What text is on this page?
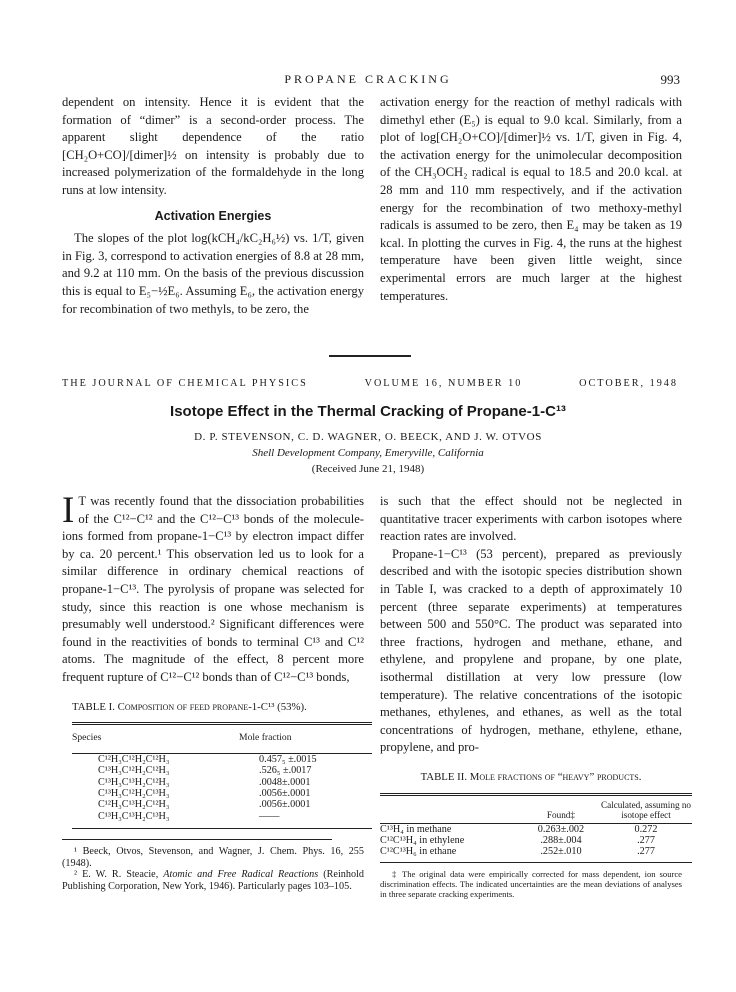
PROPANE CRACKING	993

dependent on intensity. Hence it is evident that the formation of “dimer” is a second-order process. The apparent slight dependence of the ratio [CH₂O+CO]/[dimer]½ on intensity is probably due to increased polymerization of the formaldehyde in the long runs at low intensity.

Activation Energies

The slopes of the plot log(kCH₄/kC₂H₆½) vs. 1/T, given in Fig. 3, correspond to activation energies of 8.8 at 28 mm, and 9.2 at 110 mm. On the basis of the previous discussion this is equal to E₅−½E₆. Assuming E₆, the activation energy for recombination of two methyls, to be zero, the

activation energy for the reaction of methyl radicals with dimethyl ether (E₅) is equal to 9.0 kcal. Similarly, from a plot of log[CH₂O+CO]/[dimer]½ vs. 1/T, given in Fig. 4, the activation energy for the unimolecular decomposition of the CH₃OCH₂ radical is equal to 18.5 and 20.0 kcal. at 28 mm and 110 mm respectively, and if the activation energy for the recombination of two methoxy-methyl radicals is assumed to be zero, then E₄ may be taken as 19 kcal. In plotting the curves in Fig. 4, the runs at the highest temperature have been given little weight, since experimental errors are much larger at the highest temperatures.

THE JOURNAL OF CHEMICAL PHYSICS	VOLUME 16, NUMBER 10	OCTOBER, 1948
Isotope Effect in the Thermal Cracking of Propane-1-C¹³
D. P. STEVENSON, C. D. WAGNER, O. BEECK, AND J. W. OTVOS
Shell Development Company, Emeryville, California
(Received June 21, 1948)

I T was recently found that the dissociation probabilities of the C¹²−C¹² and the C¹²−C¹³ bonds of the molecule-ions formed from propane-1−C¹³ by electron impact differ by ca. 20 percent.¹ This observation led us to look for a similar difference in ordinary chemical reactions of propane-1−C¹³. The pyrolysis of propane was selected for study, since this reaction is one whose mechanism is presumably well understood.² Significant differences were found in the reactivities of bonds to terminal C¹³ and C¹² atoms. The magnitude of the effect, 8 percent more frequent rupture of C¹²−C¹² bonds than of C¹²−C¹³ bonds,

TABLE I. Composition of feed propane-1-C¹³ (53%).
Species	Mole fraction
C¹²H₃C¹²H₂C¹²H₃	0.457₅ ±.0015
C¹³H₃C¹²H₂C¹²H₃	.526₅ ±.0017
C¹³H₃C¹³H₂C¹²H₃	.0048±.0001
C¹³H₃C¹²H₂C¹³H₃	.0056±.0001
C¹²H₃C¹³H₂C¹²H₃	.0056±.0001
C¹³H₃C¹³H₂C¹³H₃	——

¹ Beeck, Otvos, Stevenson, and Wagner, J. Chem. Phys. 16, 255 (1948).

² E. W. R. Steacie, Atomic and Free Radical Reactions (Reinhold Publishing Corporation, New York, 1946). Particularly pages 103–105.

is such that the effect should not be neglected in quantitative tracer experiments with carbon isotopes where reaction rates are involved.

Propane-1−C¹³ (53 percent), prepared as previously described and with the isotopic species distribution shown in Table I, was cracked to a depth of approximately 10 percent (three separate experiments) at temperatures between 500 and 550°C. The product was separated into three fractions, hydrogen and methane, ethane, and ethylene, and propylene and propane, by one plate, isothermal distillation at very low pressure (low temperature). The relative concentrations of the isotopic methanes, ethylenes, and ethanes, as well as the total concentrations of hydrogen, methane, ethylene, ethane, propylene, and pro-

TABLE II. Mole fractions of “heavy” products.
	Found‡	Calculated, assuming no isotope effect
C¹³H₄ in methane	0.263±.002	0.272
C¹²C¹³H₄ in ethylene	.288±.004	.277
C¹²C¹³H₆ in ethane	.252±.010	.277
‡ The original data were empirically corrected for mass dependent, ion source discrimination effects. The indicated uncertainties are the mean deviations of analyses in three separate cracking experiments.
